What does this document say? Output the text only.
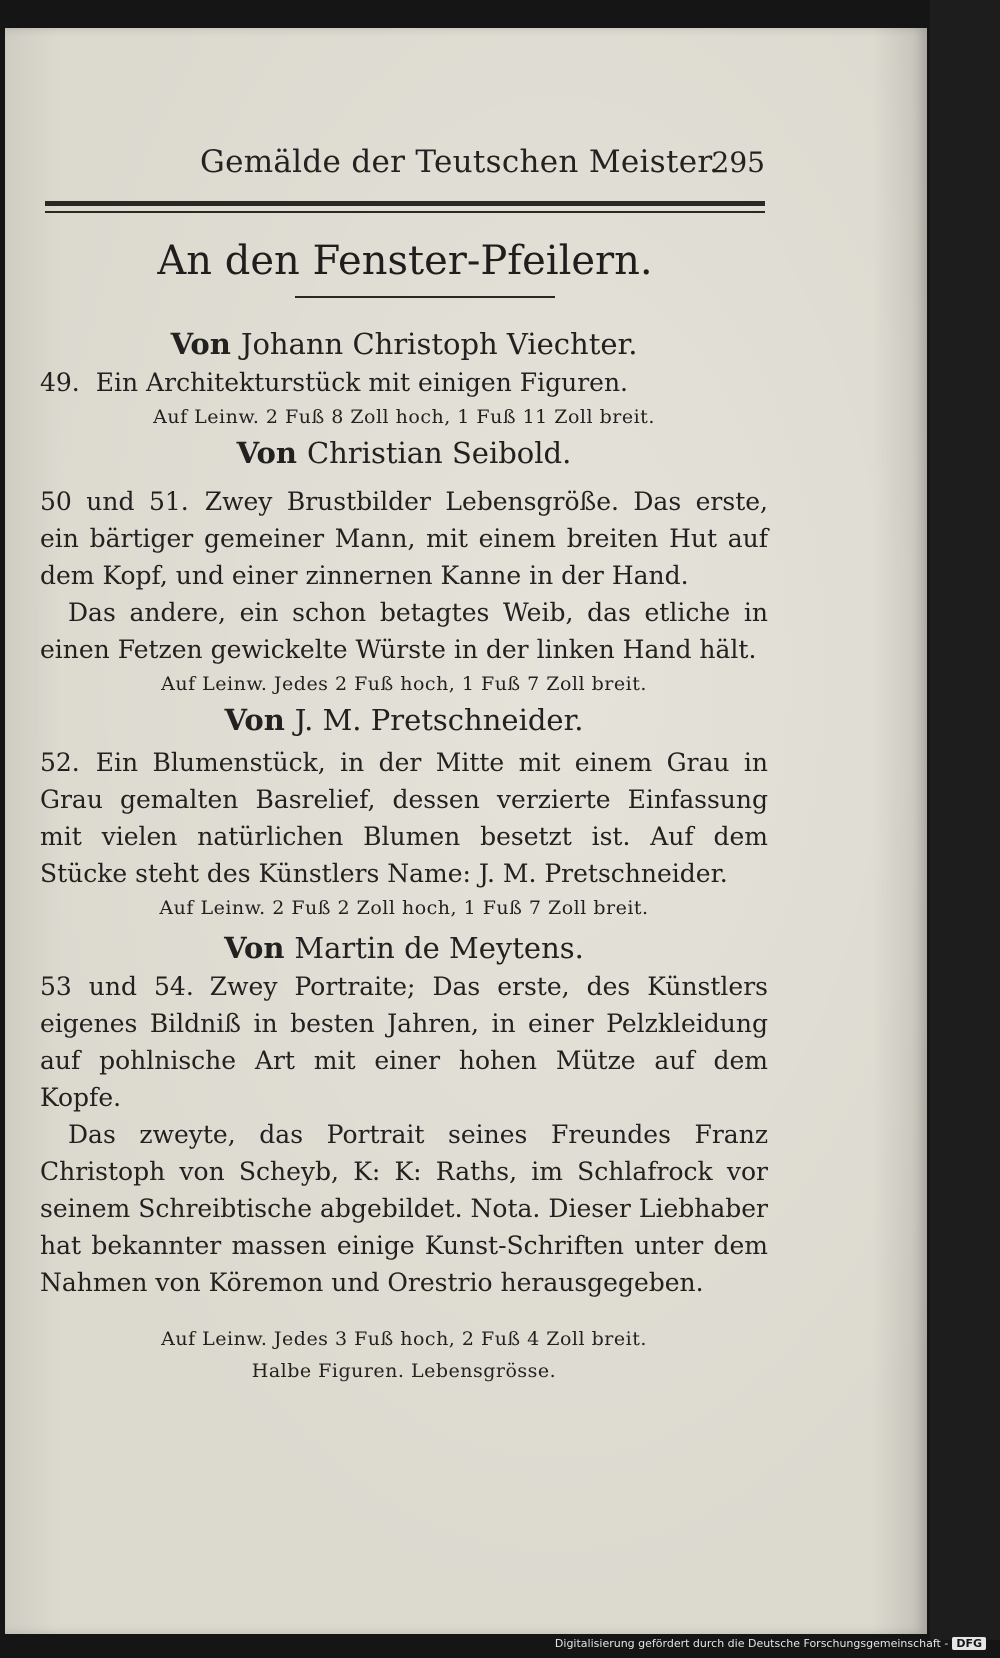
Gemälde der Teutschen Meister.
295
An den Fenster-Pfeilern.
Von Johann Christoph Viechter.
49. Ein Architekturstück mit einigen Figuren.
Auf Leinw. 2 Fuß 8 Zoll hoch, 1 Fuß 11 Zoll breit.
Von Christian Seibold.
50 und 51. Zwey Brustbilder Lebensgröße. Das erste, ein bärtiger gemeiner Mann, mit einem breiten Hut auf dem Kopf, und einer zinnernen Kanne in der Hand.
Das andere, ein schon betagtes Weib, das etliche in einen Fetzen gewickelte Würste in der linken Hand hält.
Auf Leinw. Jedes 2 Fuß hoch, 1 Fuß 7 Zoll breit.
Von J. M. Pretschneider.
52. Ein Blumenstück, in der Mitte mit einem Grau in Grau gemalten Basrelief, dessen verzierte Einfassung mit vielen natürlichen Blumen besetzt ist. Auf dem Stücke steht des Künstlers Name: J. M. Pretschneider.
Auf Leinw. 2 Fuß 2 Zoll hoch, 1 Fuß 7 Zoll breit.
Von Martin de Meytens.
53 und 54. Zwey Portraite; Das erste, des Künstlers eigenes Bildniß in besten Jahren, in einer Pelzkleidung auf pohlnische Art mit einer hohen Mütze auf dem Kopfe.
Das zweyte, das Portrait seines Freundes Franz Christoph von Scheyb, K: K: Raths, im Schlafrock vor seinem Schreibtische abgebildet. Nota. Dieser Liebhaber hat bekannter massen einige Kunst-Schriften unter dem Nahmen von Köremon und Orestrio herausgegeben.
Auf Leinw. Jedes 3 Fuß hoch, 2 Fuß 4 Zoll breit.
Halbe Figuren. Lebensgrösse.
Digitalisierung gefördert durch die Deutsche Forschungsgemeinschaft - DFG
